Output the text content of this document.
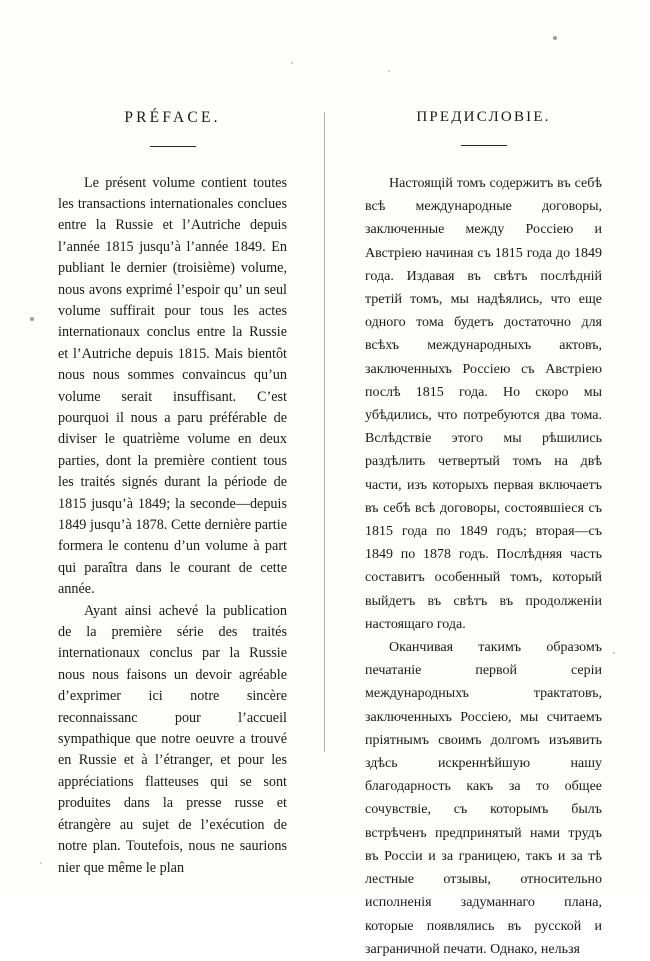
PRÉFACE.

Le présent volume contient toutes les transactions internationales conclues entre la Russie et l’Autriche depuis l’année 1815 jusqu’à l’année 1849. En publiant le dernier (troisième) volume, nous avons exprimé l’espoir qu’ un seul volume suffirait pour tous les actes internationaux conclus entre la Russie et l’Autriche depuis 1815. Mais bientôt nous nous sommes convaincus qu’un volume serait insuffisant. C’est pourquoi il nous a paru préférable de diviser le quatrième volume en deux parties, dont la première contient tous les traités signés durant la période de 1815 jusqu’à 1849; la seconde—depuis 1849 jusqu’à 1878. Cette dernière partie formera le contenu d’un volume à part qui paraîtra dans le courant de cette année.

Ayant ainsi achevé la publication de la première série des traités internationaux conclus par la Russie nous nous faisons un devoir agréable d’exprimer ici notre sincère reconnaissanc pour l’accueil sympathique que notre oeuvre a trouvé en Russie et à l’étranger, et pour les appréciations flatteuses qui se sont produites dans la presse russe et étrangère au sujet de l’exécution de notre plan. Toutefois, nous ne saurions nier que même le plan

ПРЕДИСЛОВІЕ.

Настоящій томъ содержитъ въ себѣ всѣ международные договоры, заключенные между Россіею и Австріею начиная съ 1815 года до 1849 года. Издавая въ свѣтъ послѣдній третій томъ, мы надѣялись, что еще одного тома будетъ достаточно для всѣхъ международныхъ актовъ, заключенныхъ Россіею съ Австріею послѣ 1815 года. Но скоро мы убѣдились, что потребуются два тома. Вслѣдствіе этого мы рѣшились раздѣлить четвертый томъ на двѣ части, изъ которыхъ первая включаетъ въ себѣ всѣ договоры, состоявшіеся съ 1815 года по 1849 годъ; вторая—съ 1849 по 1878 годъ. Послѣдняя часть составитъ особенный томъ, который выйдетъ въ свѣтъ въ продолженіи настоящаго года.

Оканчивая такимъ образомъ печатаніе первой серіи международныхъ трактатовъ, заключенныхъ Россіею, мы считаемъ пріятнымъ своимъ долгомъ изъявить здѣсь искреннѣйшую нашу благодарность какъ за то общее сочувствіе, съ которымъ былъ встрѣченъ предпринятый нами трудъ въ Россіи и за границею, такъ и за тѣ лестные отзывы, относительно исполненія задуманнаго плана, которые появлялись въ русской и заграничной печати. Однако, нельзя
